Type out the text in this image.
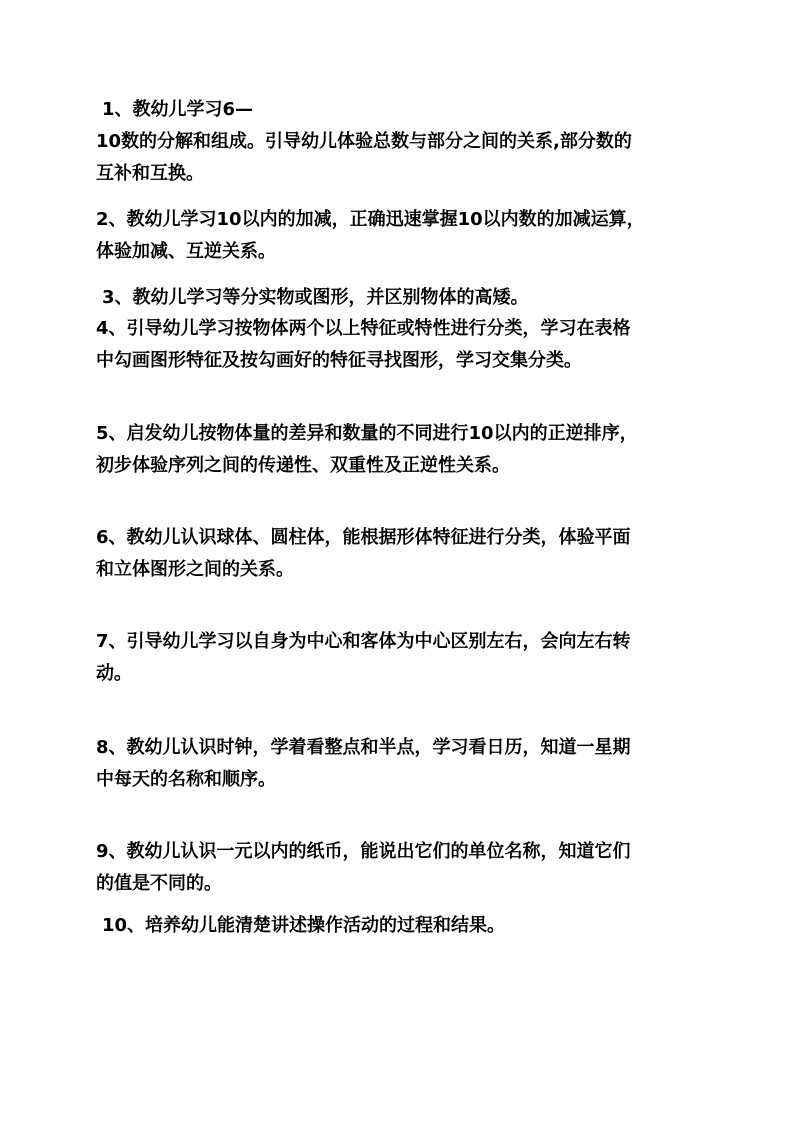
1、教幼儿学习6—
10数的分解和组成。引导幼儿体验总数与部分之间的关系,部分数的
互补和互换。
2、教幼儿学习10以内的加减，正确迅速掌握10以内数的加减运算，
体验加减、互逆关系。
3、教幼儿学习等分实物或图形，并区别物体的高矮。
4、引导幼儿学习按物体两个以上特征或特性进行分类，学习在表格
中勾画图形特征及按勾画好的特征寻找图形，学习交集分类。
5、启发幼儿按物体量的差异和数量的不同进行10以内的正逆排序，
初步体验序列之间的传递性、双重性及正逆性关系。
6、教幼儿认识球体、圆柱体，能根据形体特征进行分类，体验平面
和立体图形之间的关系。
7、引导幼儿学习以自身为中心和客体为中心区别左右，会向左右转
动。
8、教幼儿认识时钟，学着看整点和半点，学习看日历，知道一星期
中每天的名称和顺序。
9、教幼儿认识一元以内的纸币，能说出它们的单位名称，知道它们
的值是不同的。
10、培养幼儿能清楚讲述操作活动的过程和结果。
